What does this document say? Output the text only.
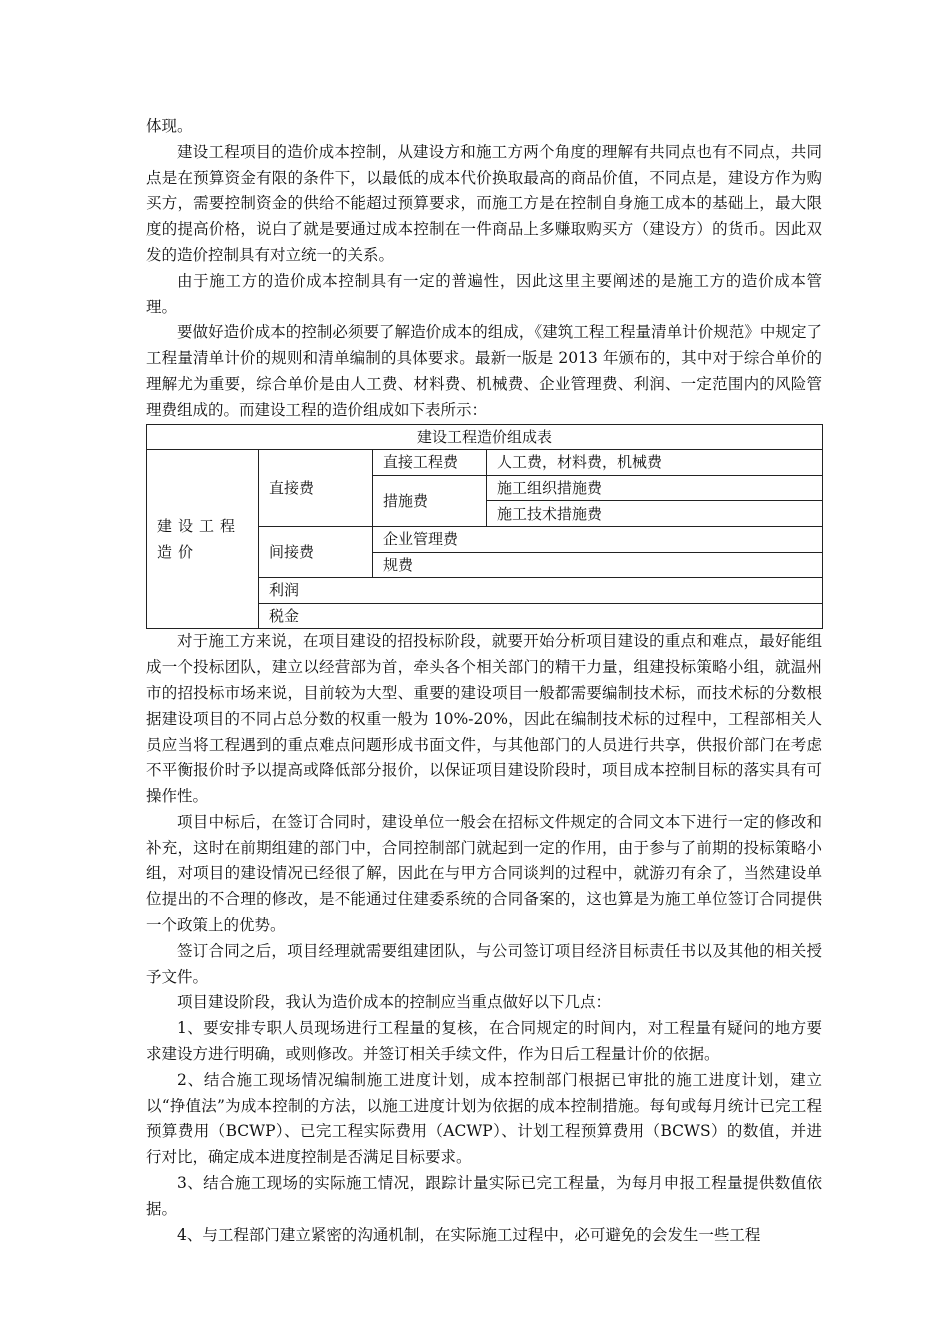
体现。

建设工程项目的造价成本控制，从建设方和施工方两个角度的理解有共同点也有不同点，共同点是在预算资金有限的条件下，以最低的成本代价换取最高的商品价值，不同点是，建设方作为购买方，需要控制资金的供给不能超过预算要求，而施工方是在控制自身施工成本的基础上，最大限度的提高价格，说白了就是要通过成本控制在一件商品上多赚取购买方（建设方）的货币。因此双发的造价控制具有对立统一的关系。

由于施工方的造价成本控制具有一定的普遍性，因此这里主要阐述的是施工方的造价成本管理。

要做好造价成本的控制必须要了解造价成本的组成，《建筑工程工程量清单计价规范》中规定了工程量清单计价的规则和清单编制的具体要求。最新一版是 2013 年颁布的，其中对于综合单价的理解尤为重要，综合单价是由人工费、材料费、机械费、企业管理费、利润、一定范围内的风险管理费组成的。而建设工程的造价组成如下表所示：

建设工程造价组成表			
建设工程造价	直接费	直接工程费	人工费，材料费，机械费
		措施费	施工组织措施费
			施工技术措施费
	间接费	企业管理费	
		规费	
	利润		
	税金		

对于施工方来说，在项目建设的招投标阶段，就要开始分析项目建设的重点和难点，最好能组成一个投标团队，建立以经营部为首，牵头各个相关部门的精干力量，组建投标策略小组，就温州市的招投标市场来说，目前较为大型、重要的建设项目一般都需要编制技术标，而技术标的分数根据建设项目的不同占总分数的权重一般为 10%-20%，因此在编制技术标的过程中，工程部相关人员应当将工程遇到的重点难点问题形成书面文件，与其他部门的人员进行共享，供报价部门在考虑不平衡报价时予以提高或降低部分报价，以保证项目建设阶段时，项目成本控制目标的落实具有可操作性。

项目中标后，在签订合同时，建设单位一般会在招标文件规定的合同文本下进行一定的修改和补充，这时在前期组建的部门中，合同控制部门就起到一定的作用，由于参与了前期的投标策略小组，对项目的建设情况已经很了解，因此在与甲方合同谈判的过程中，就游刃有余了，当然建设单位提出的不合理的修改，是不能通过住建委系统的合同备案的，这也算是为施工单位签订合同提供一个政策上的优势。

签订合同之后，项目经理就需要组建团队，与公司签订项目经济目标责任书以及其他的相关授予文件。

项目建设阶段，我认为造价成本的控制应当重点做好以下几点：

1、要安排专职人员现场进行工程量的复核，在合同规定的时间内，对工程量有疑问的地方要求建设方进行明确，或则修改。并签订相关手续文件，作为日后工程量计价的依据。

2、结合施工现场情况编制施工进度计划，成本控制部门根据已审批的施工进度计划，建立以“挣值法”为成本控制的方法，以施工进度计划为依据的成本控制措施。每旬或每月统计已完工程预算费用（BCWP）、已完工程实际费用（ACWP）、计划工程预算费用（BCWS）的数值，并进行对比，确定成本进度控制是否满足目标要求。

3、结合施工现场的实际施工情况，跟踪计量实际已完工程量，为每月申报工程量提供数值依据。

4、与工程部门建立紧密的沟通机制，在实际施工过程中，必可避免的会发生一些工程
